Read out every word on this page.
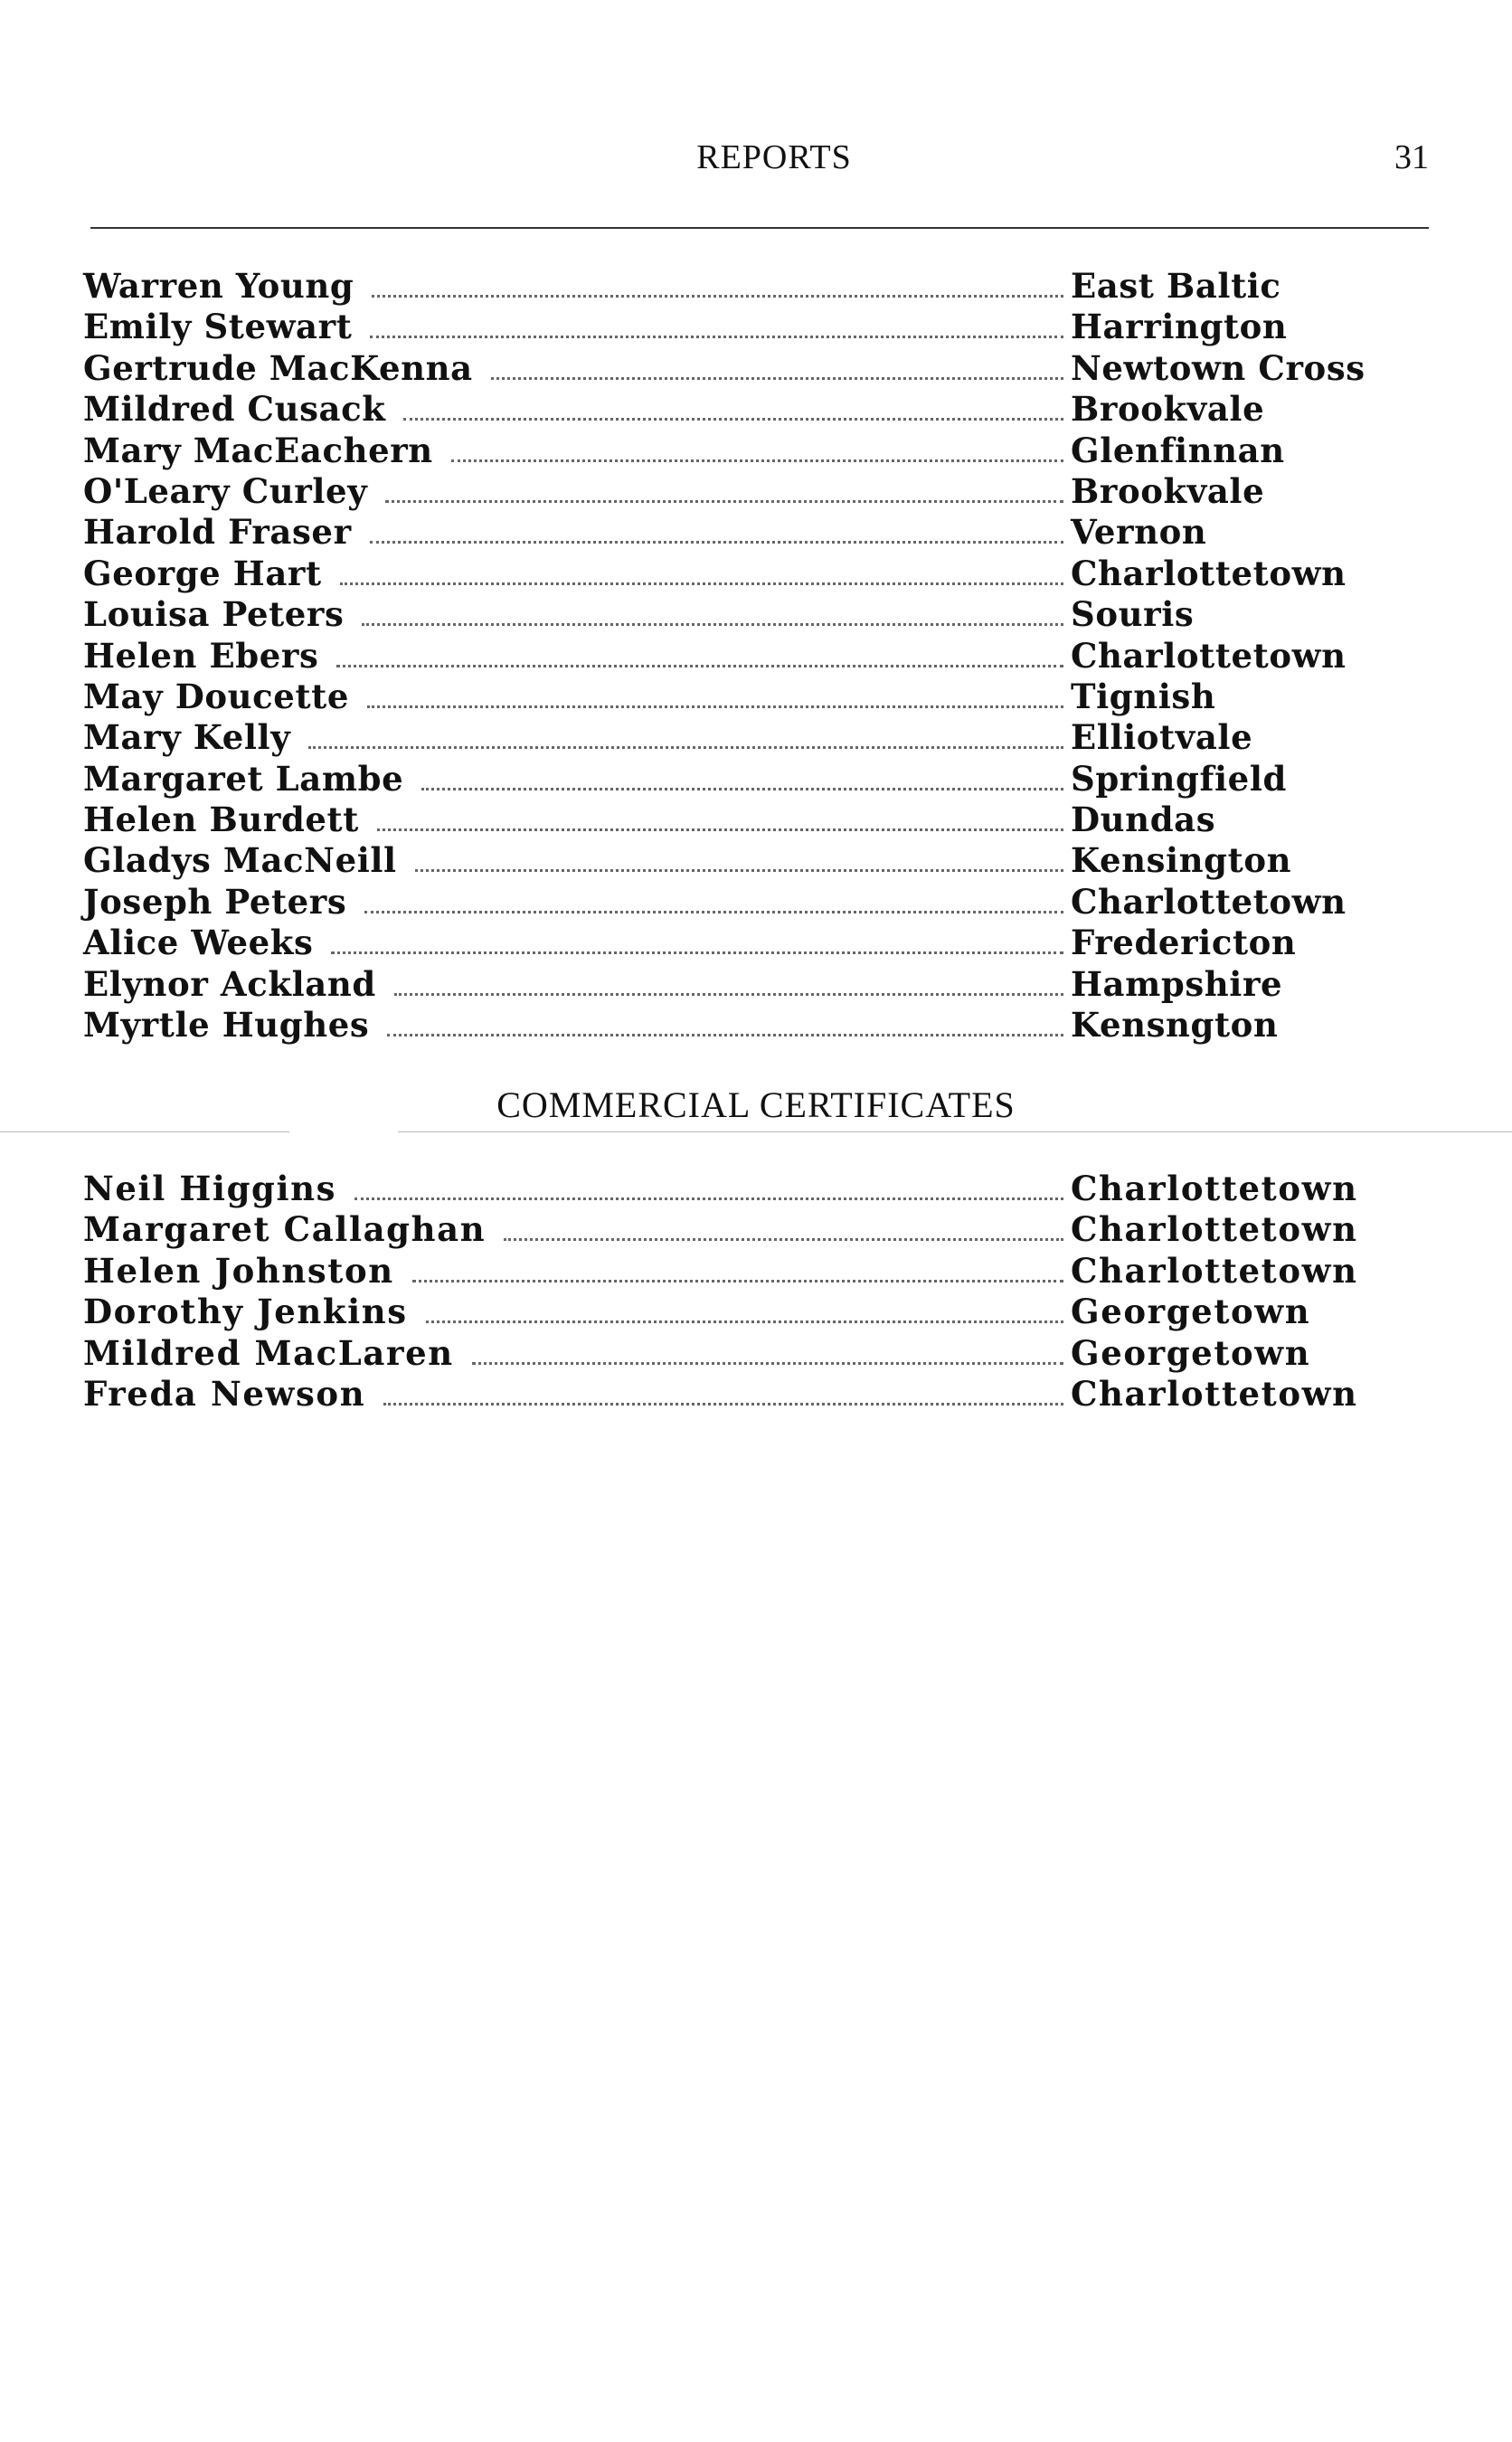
REPORTS	31
Warren Young	East Baltic
Emily Stewart	Harrington
Gertrude MacKenna	Newtown Cross
Mildred Cusack	Brookvale
Mary MacEachern	Glenfinnan
O'Leary Curley	Brookvale
Harold Fraser	Vernon
George Hart	Charlottetown
Louisa Peters	Souris
Helen Ebers	Charlottetown
May Doucette	Tignish
Mary Kelly	Elliotvale
Margaret Lambe	Springfield
Helen Burdett	Dundas
Gladys MacNeill	Kensington
Joseph Peters	Charlottetown
Alice Weeks	Fredericton
Elynor Ackland	Hampshire
Myrtle Hughes	Kensngton
COMMERCIAL CERTIFICATES
Neil Higgins	Charlottetown
Margaret Callaghan	Charlottetown
Helen Johnston	Charlottetown
Dorothy Jenkins	Georgetown
Mildred MacLaren	Georgetown
Freda Newson	Charlottetown
